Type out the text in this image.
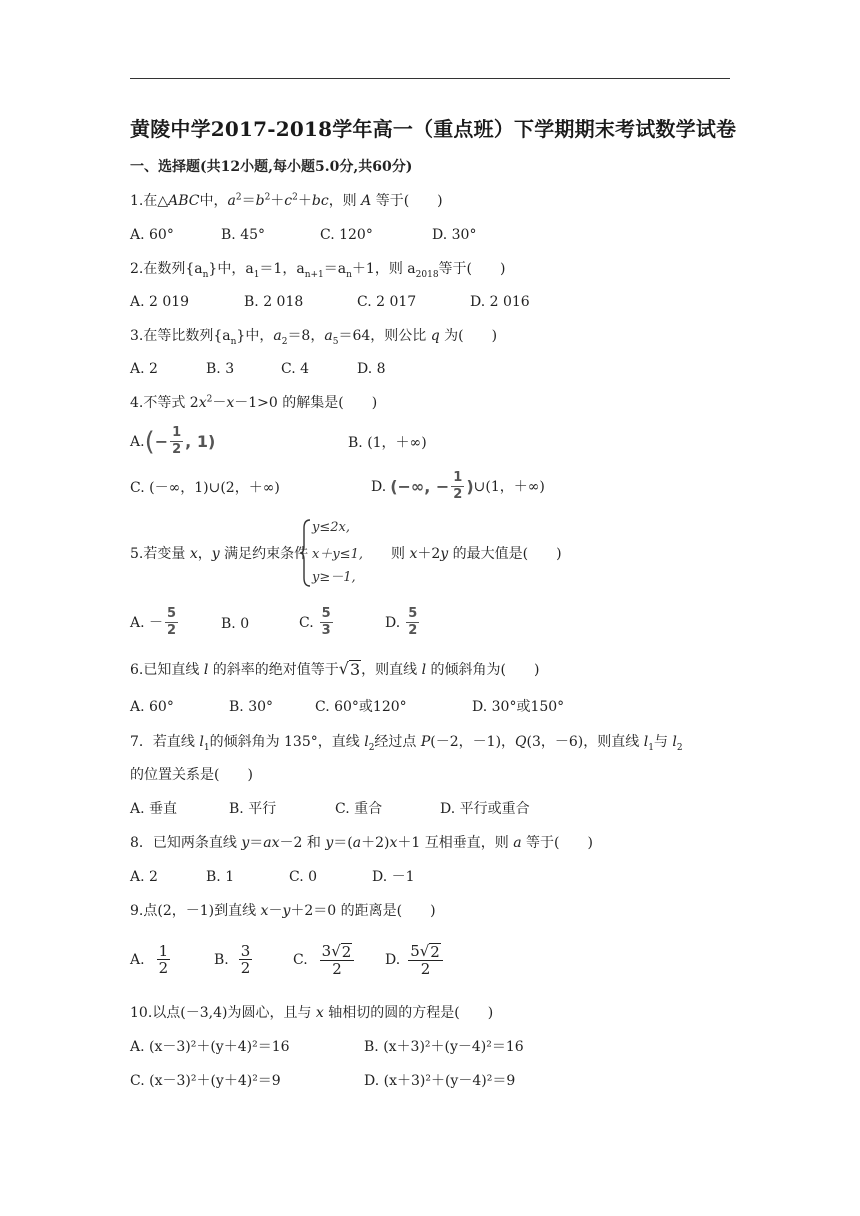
黄陵中学2017-2018学年高一（重点班）下学期期末考试数学试卷
一、选择题(共12小题,每小题5.0分,共60分)
1.在△ABC中，$a^2=b^2+c^2+bc$，则 A 等于(　　)
A. 60°	B. 45°	C. 120°	D. 30°
2.在数列$\{a_n\}$中，$a_1=1$，$a_{n+1}=a_n+1$，则 $a_{2018}$等于(　　)
A. 2 019	B. 2 018	C. 2 017	D. 2 016
3.在等比数列$\{a_n\}$中，$a_2=8$，$a_5=64$，则公比 q 为(　　)
A. 2	B. 3	C. 4	D. 8
4.不等式 $2x^2-x-1>0$ 的解集是(　　)
A. ( − $\frac{1}{2}$ , 1)	B. (1，＋∞)
C. (－∞，1)∪(2，＋∞)	D. (−∞, − $\frac{1}{2}$ ) ∪(1，＋∞)
5.若变量 x，y 满足约束条件
y≤2x,
x＋y≤1,
y≥－1,
则 x＋2y 的最大值是(　　)
A. － $\frac{5}{2}$	B. 0	C. $\frac{5}{3}$	D. $\frac{5}{2}$
6.已知直线 l 的斜率的绝对值等于√ 3 ，则直线 l 的倾斜角为(　　)
A. 60°	B. 30°	C. 60°或120°	D. 30°或150°
7．若直线 $l_1$的倾斜角为 135°，直线 $l_2$经过点 P(－2，－1)，Q(3，－6)，则直线 $l_1$与 $l_2$
的位置关系是(　　)
A. 垂直	B. 平行	C. 重合	D. 平行或重合
8．已知两条直线 y＝ax－2 和 y＝(a＋2)x＋1 互相垂直，则 a 等于(　　)
A. 2	B. 1	C. 0	D. －1
9.点(2，－1)到直线 x－y＋2＝0 的距离是(　　)
A. $\frac{1}{2}$	B. $\frac{3}{2}$	C. $\frac{3√ 2}{2} D$. $\frac{5√ 2}{2}$
10.以点(－3,4)为圆心，且与 x 轴相切的圆的方程是(　　)
A. (x－3)²＋(y＋4)²＝16	B. (x＋3)²＋(y－4)²＝16
C. (x－3)²＋(y＋4)²＝9	D. (x＋3)²＋(y－4)²＝9
